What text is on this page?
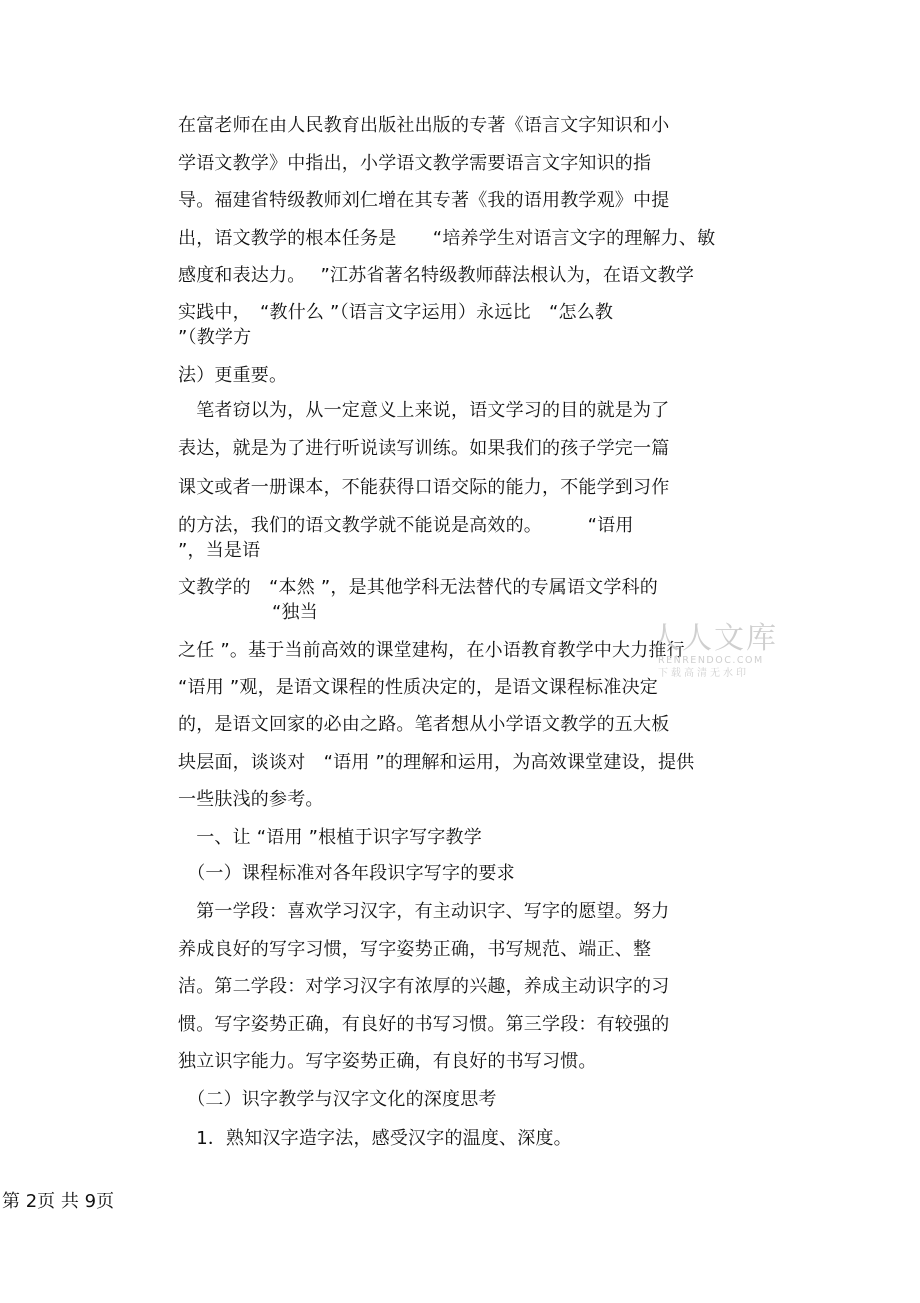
在富老师在由人民教育出版社出版的专著《语言文字知识和小
学语文教学》中指出，小学语文教学需要语言文字知识的指
导。福建省特级教师刘仁增在其专著《我的语用教学观》中提
出，语文教学的根本任务是　　“培养学生对语言文字的理解力、敏
感度和表达力。　 ”江苏省著名特级教师薛法根认为，在语文教学
实践中，　“教什么 ”（语言文字运用）永远比　“怎么教
”（教学方
法）更重要。
　笔者窃以为，从一定意义上来说，语文学习的目的就是为了
表达，就是为了进行听说读写训练。如果我们的孩子学完一篇
课文或者一册课本，不能获得口语交际的能力，不能学到习作
的方法，我们的语文教学就不能说是高效的。　　　“语用
”，当是语
文教学的　“本然 ”，是其他学科无法替代的专属语文学科的
“独当
之任 ”。基于当前高效的课堂建构，在小语教育教学中大力推行
“语用 ”观，是语文课程的性质决定的，是语文课程标准决定
的，是语文回家的必由之路。笔者想从小学语文教学的五大板
块层面，谈谈对　“语用 ”的理解和运用，为高效课堂建设，提供
一些肤浅的参考。
　一、让 “语用 ”根植于识字写字教学
　（一）课程标准对各年段识字写字的要求
　第一学段：喜欢学习汉字，有主动识字、写字的愿望。努力
养成良好的写字习惯，写字姿势正确，书写规范、端正、整
洁。第二学段：对学习汉字有浓厚的兴趣，养成主动识字的习
惯。写字姿势正确，有良好的书写习惯。第三学段：有较强的
独立识字能力。写字姿势正确，有良好的书写习惯。
　（二）识字教学与汉字文化的深度思考
　1．熟知汉字造字法，感受汉字的温度、深度。
人人文库
RENRENDOC.COM
下载高清无水印
第 2页 共 9页
